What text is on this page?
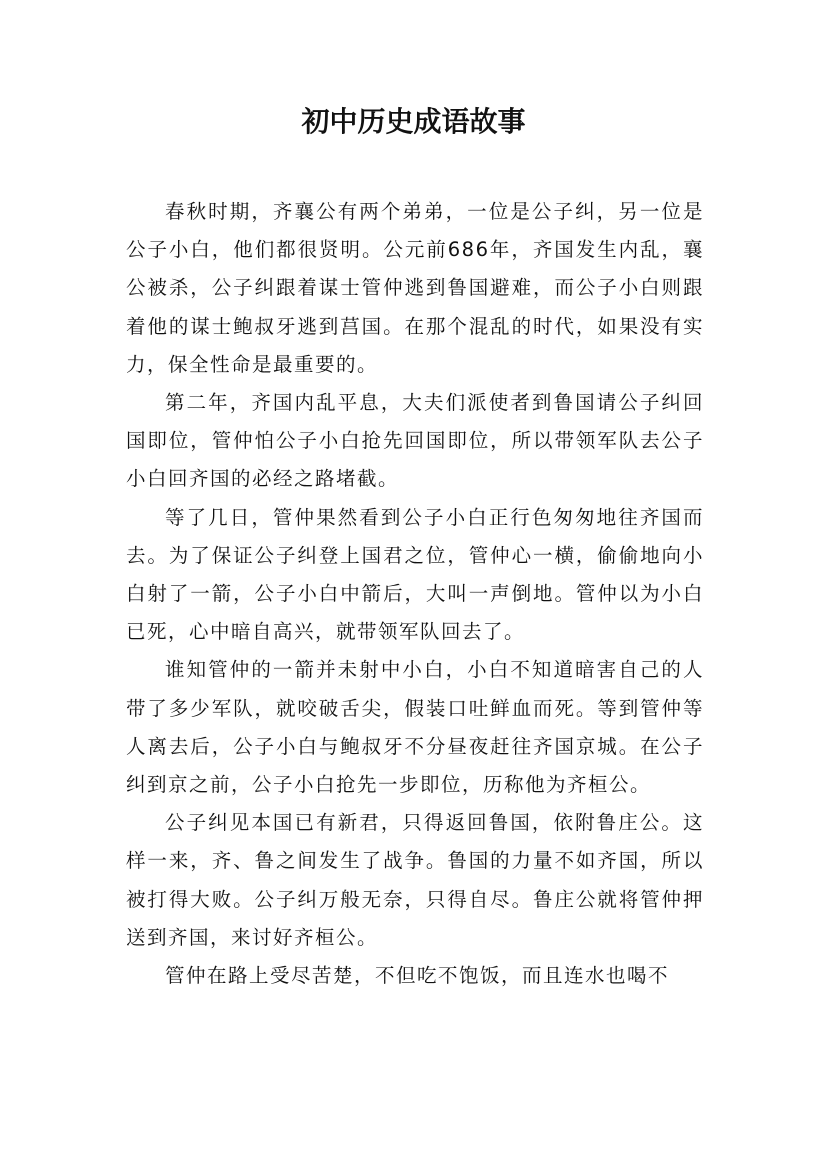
初中历史成语故事

春秋时期，齐襄公有两个弟弟，一位是公子纠，另一位是公子小白，他们都很贤明。公元前686年，齐国发生内乱，襄公被杀，公子纠跟着谋士管仲逃到鲁国避难，而公子小白则跟着他的谋士鲍叔牙逃到莒国。在那个混乱的时代，如果没有实力，保全性命是最重要的。

第二年，齐国内乱平息，大夫们派使者到鲁国请公子纠回国即位，管仲怕公子小白抢先回国即位，所以带领军队去公子小白回齐国的必经之路堵截。

等了几日，管仲果然看到公子小白正行色匆匆地往齐国而去。为了保证公子纠登上国君之位，管仲心一横，偷偷地向小白射了一箭，公子小白中箭后，大叫一声倒地。管仲以为小白已死，心中暗自高兴，就带领军队回去了。

谁知管仲的一箭并未射中小白，小白不知道暗害自己的人带了多少军队，就咬破舌尖，假装口吐鲜血而死。等到管仲等人离去后，公子小白与鲍叔牙不分昼夜赶往齐国京城。在公子纠到京之前，公子小白抢先一步即位，历称他为齐桓公。

公子纠见本国已有新君，只得返回鲁国，依附鲁庄公。这样一来，齐、鲁之间发生了战争。鲁国的力量不如齐国，所以被打得大败。公子纠万般无奈，只得自尽。鲁庄公就将管仲押送到齐国，来讨好齐桓公。

管仲在路上受尽苦楚，不但吃不饱饭，而且连水也喝不
